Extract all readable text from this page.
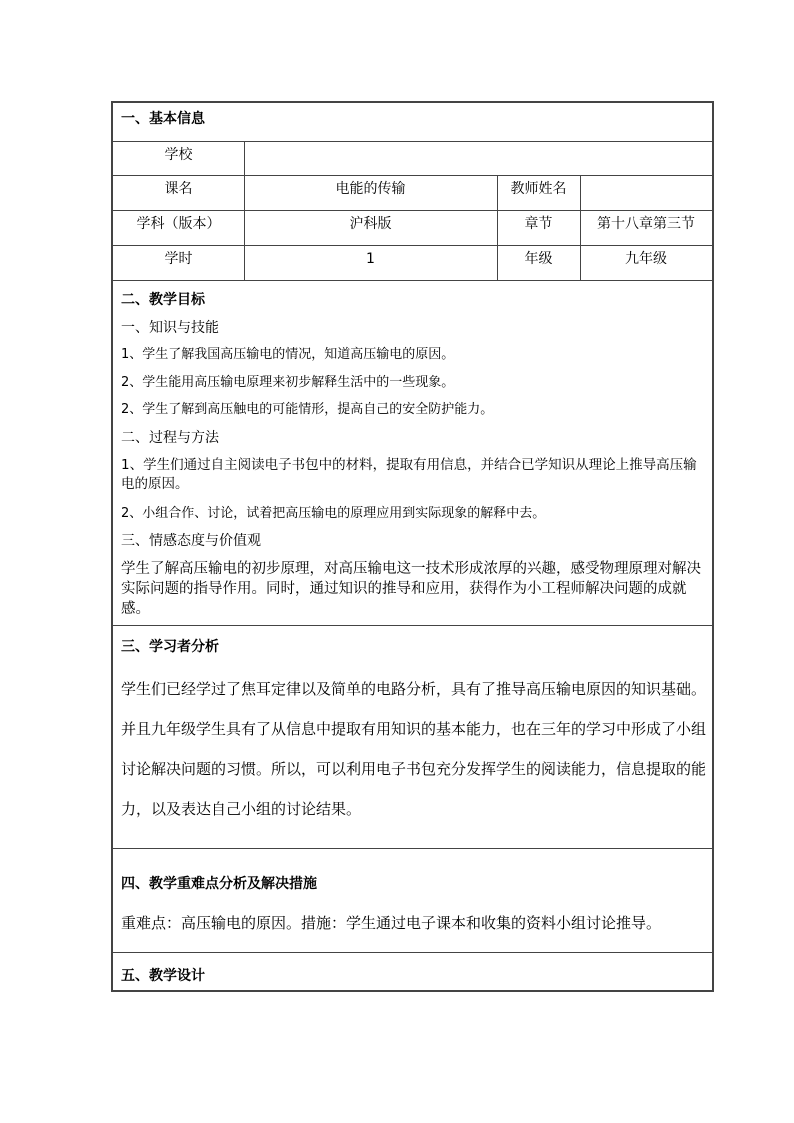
一、基本信息
学校
课名	电能的传输	教师姓名
学科（版本）	沪科版	章节	第十八章第三节
学时	1	年级	九年级
二、教学目标
一、知识与技能
1、学生了解我国高压输电的情况，知道高压输电的原因。
2、学生能用高压输电原理来初步解释生活中的一些现象。
2、学生了解到高压触电的可能情形，提高自己的安全防护能力。
二、过程与方法
1、学生们通过自主阅读电子书包中的材料，提取有用信息，并结合已学知识从理论上推导高压输电的原因。
2、小组合作、讨论，试着把高压输电的原理应用到实际现象的解释中去。
三、情感态度与价值观
学生了解高压输电的初步原理，对高压输电这一技术形成浓厚的兴趣，感受物理原理对解决实际问题的指导作用。同时，通过知识的推导和应用，获得作为小工程师解决问题的成就感。
三、学习者分析
学生们已经学过了焦耳定律以及简单的电路分析，具有了推导高压输电原因的知识基础。并且九年级学生具有了从信息中提取有用知识的基本能力，也在三年的学习中形成了小组讨论解决问题的习惯。所以，可以利用电子书包充分发挥学生的阅读能力，信息提取的能力，以及表达自己小组的讨论结果。
四、教学重难点分析及解决措施
重难点：高压输电的原因。措施：学生通过电子课本和收集的资料小组讨论推导。
五、教学设计
